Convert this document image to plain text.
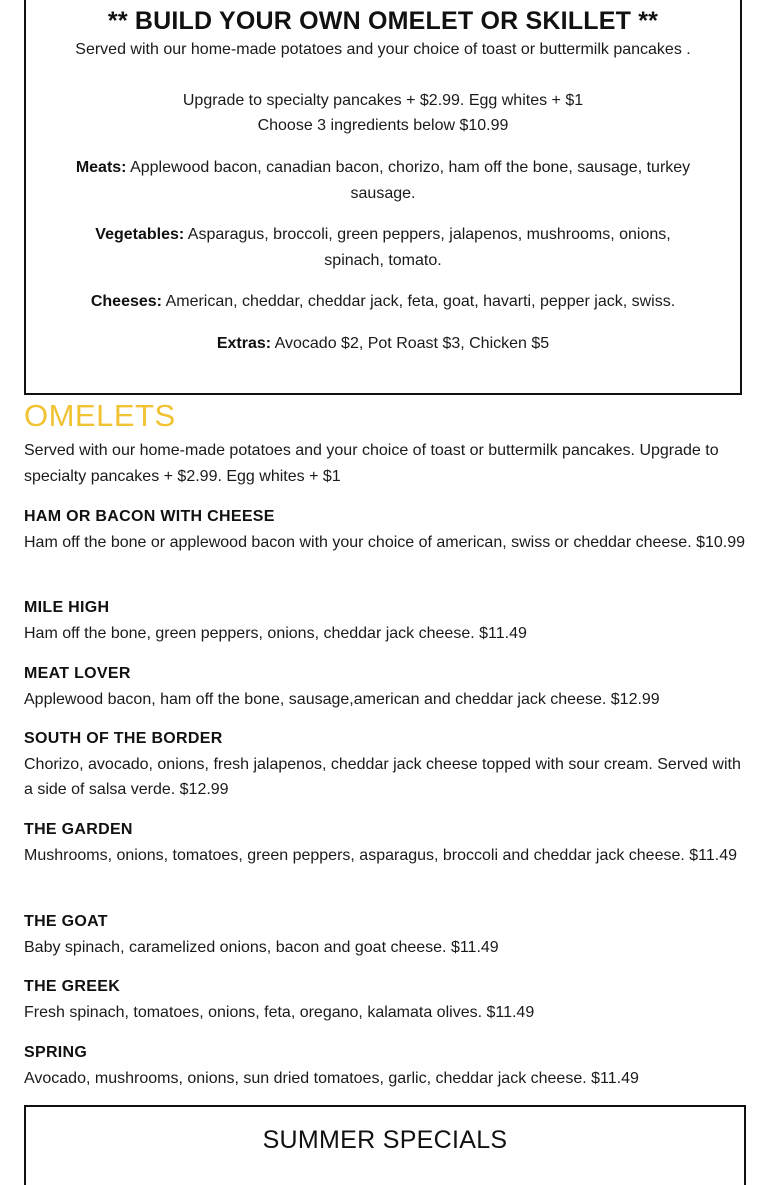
** BUILD YOUR OWN OMELET OR SKILLET **
Served with our home-made potatoes and your choice of toast or buttermilk pancakes .
Upgrade to specialty pancakes + $2.99. Egg whites + $1
Choose 3 ingredients below $10.99
Meats: Applewood bacon, canadian bacon, chorizo, ham off the bone, sausage, turkey sausage.
Vegetables: Asparagus, broccoli, green peppers, jalapenos, mushrooms, onions, spinach, tomato.
Cheeses: American, cheddar, cheddar jack, feta, goat, havarti, pepper jack, swiss.
Extras: Avocado $2, Pot Roast $3, Chicken $5
OMELETS
Served with our home-made potatoes and your choice of toast or buttermilk pancakes. Upgrade to specialty pancakes + $2.99. Egg whites + $1
HAM OR BACON WITH CHEESE
Ham off the bone or applewood bacon with your choice of american, swiss or cheddar cheese. $10.99
MILE HIGH
Ham off the bone, green peppers, onions, cheddar jack cheese. $11.49
MEAT LOVER
Applewood bacon, ham off the bone, sausage,american and cheddar jack cheese. $12.99
SOUTH OF THE BORDER
Chorizo, avocado, onions, fresh jalapenos, cheddar jack cheese topped with sour cream. Served with a side of salsa verde. $12.99
THE GARDEN
Mushrooms, onions, tomatoes, green peppers, asparagus, broccoli and cheddar jack cheese. $11.49
THE GOAT
Baby spinach, caramelized onions, bacon and goat cheese. $11.49
THE GREEK
Fresh spinach, tomatoes, onions, feta, oregano, kalamata olives. $11.49
SPRING
Avocado, mushrooms, onions, sun dried tomatoes, garlic, cheddar jack cheese. $11.49
SUMMER SPECIALS
